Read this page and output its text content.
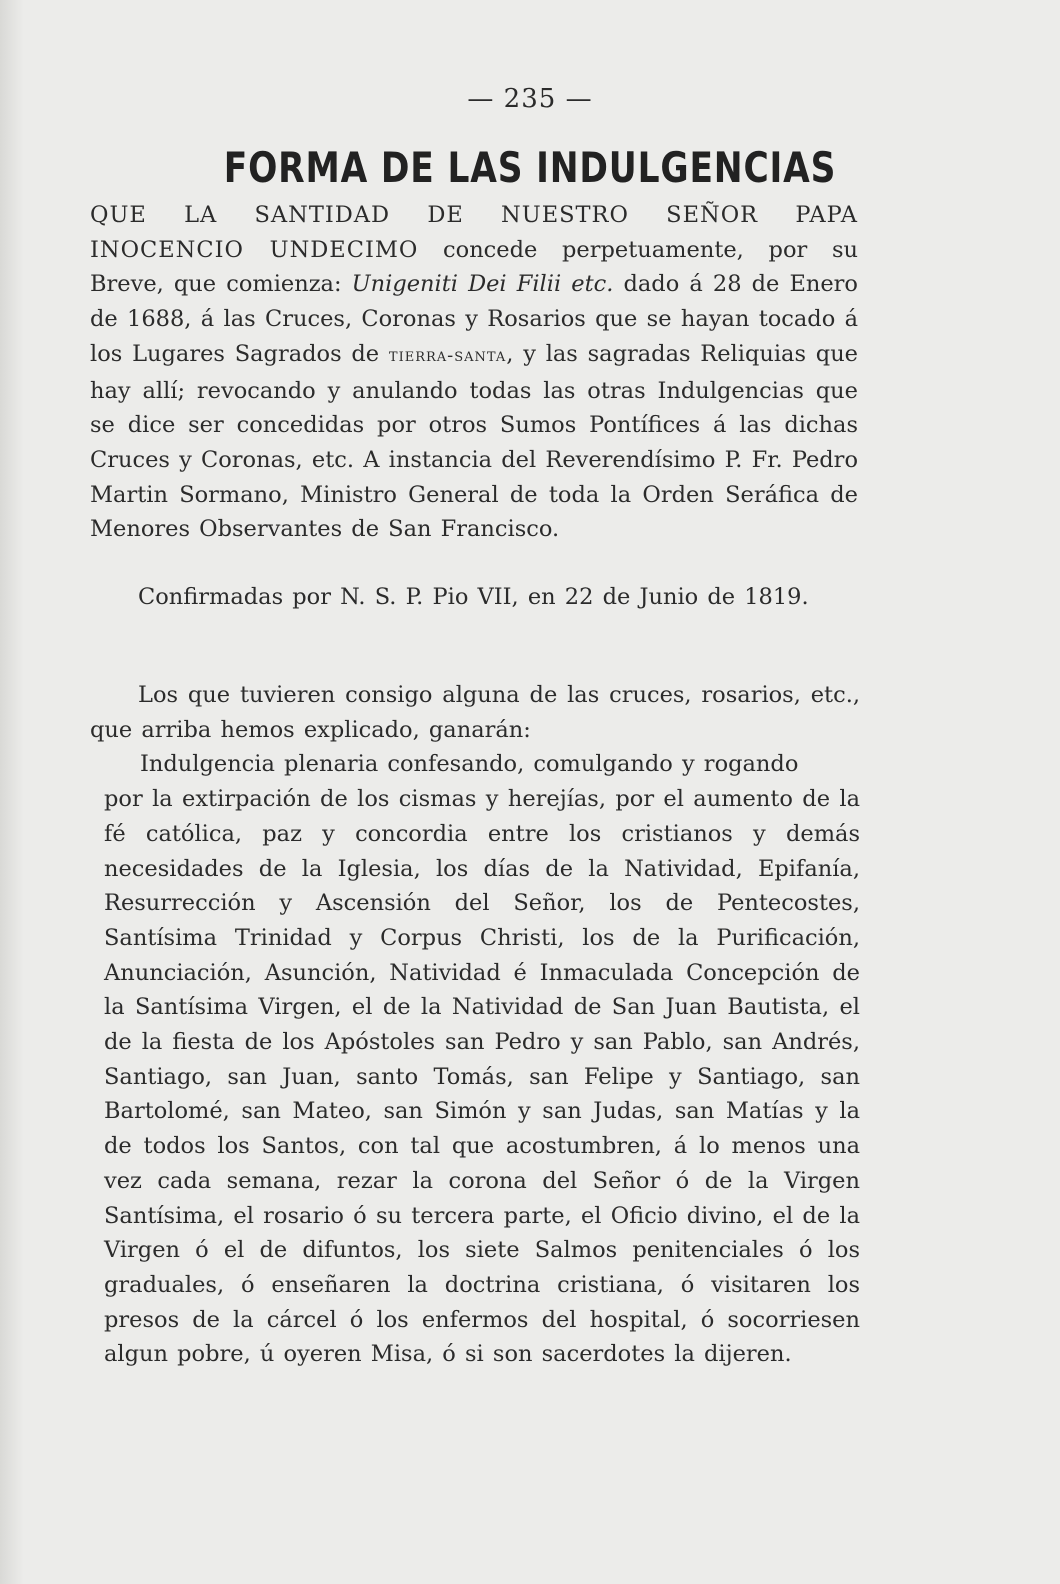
— 235 —
FORMA DE LAS INDULGENCIAS

QUE LA SANTIDAD DE NUESTRO SEÑOR PAPA INOCENCIO UNDECIMO concede perpetuamente, por su Breve, que comienza: Unigeniti Dei Filii etc. dado á 28 de Enero de 1688, á las Cruces, Coronas y Rosarios que se hayan tocado á los Lugares Sagrados de tierra-santa, y las sagradas Reliquias que hay allí; revocando y anulando todas las otras Indulgencias que se dice ser concedidas por otros Sumos Pontífices á las dichas Cruces y Coronas, etc. A instancia del Reverendísimo P. Fr. Pedro Martin Sormano, Ministro General de toda la Orden Seráfica de Menores Observantes de San Francisco.

Confirmadas por N. S. P. Pio VII, en 22 de Junio de 1819.

Los que tuvieren consigo alguna de las cruces, rosarios, etc., que arriba hemos explicado, ganarán:

Indulgencia plenaria confesando, comulgando y rogando
por la extirpación de los cismas y herejías, por el aumento de la fé católica, paz y concordia entre los cristianos y demás necesidades de la Iglesia, los días de la Natividad, Epifanía, Resurrección y Ascensión del Señor, los de Pentecostes, Santísima Trinidad y Corpus Christi, los de la Purificación, Anunciación, Asunción, Natividad é Inmaculada Concepción de la Santísima Virgen, el de la Natividad de San Juan Bautista, el de la fiesta de los Apóstoles san Pedro y san Pablo, san Andrés, Santiago, san Juan, santo Tomás, san Felipe y Santiago, san Bartolomé, san Mateo, san Simón y san Judas, san Matías y la de todos los Santos, con tal que acostumbren, á lo menos una vez cada semana, rezar la corona del Señor ó de la Virgen Santísima, el rosario ó su tercera parte, el Oficio divino, el de la Virgen ó el de difuntos, los siete Salmos penitenciales ó los graduales, ó enseñaren la doctrina cristiana, ó visitaren los presos de la cárcel ó los enfermos del hospital, ó socorriesen algun pobre, ú oyeren Misa, ó si son sacerdotes la dijeren.
